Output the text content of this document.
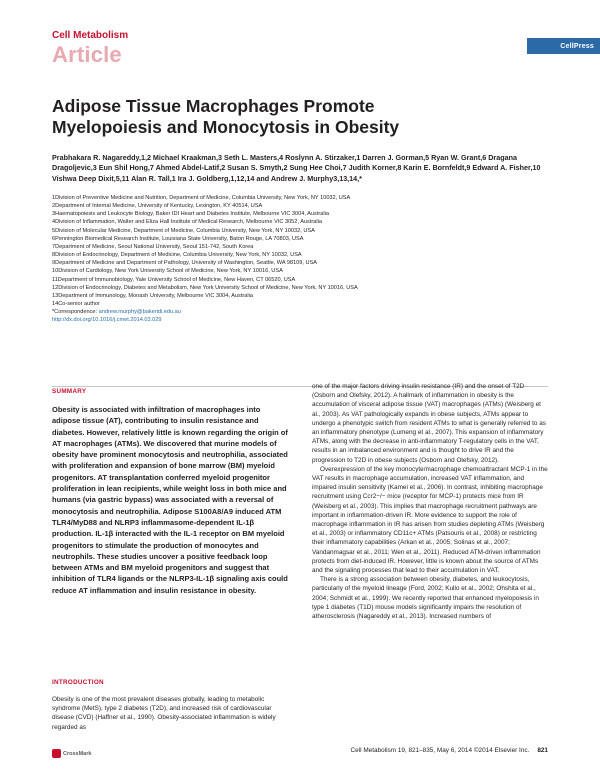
Cell Metabolism
Article	CellPress
Adipose Tissue Macrophages Promote Myelopoiesis and Monocytosis in Obesity
Prabhakara R. Nagareddy,1,2 Michael Kraakman,3 Seth L. Masters,4 Roslynn A. Stirzaker,1 Darren J. Gorman,5 Ryan W. Grant,6 Dragana Dragoljevic,3 Eun Shil Hong,7 Ahmed Abdel-Latif,2 Susan S. Smyth,2 Sung Hee Choi,7 Judith Korner,8 Karin E. Bornfeldt,9 Edward A. Fisher,10 Vishwa Deep Dixit,5,11 Alan R. Tall,1 Ira J. Goldberg,1,12,14 and Andrew J. Murphy3,13,14,*
1Division of Preventive Medicine and Nutrition, Department of Medicine, Columbia University, New York, NY 10032, USA
2Department of Internal Medicine, University of Kentucky, Lexington, KY 40514, USA
3Haematopoiesis and Leukocyte Biology, Baker IDI Heart and Diabetes Institute, Melbourne VIC 3004, Australia
4Division of Inflammation, Walter and Eliza Hall Institute of Medical Research, Melbourne VIC 3052, Australia
5Division of Molecular Medicine, Department of Medicine, Columbia University, New York, NY 10032, USA
6Pennington Biomedical Research Institute, Louisiana State University, Baton Rouge, LA 70803, USA
7Department of Medicine, Seoul National University, Seoul 151-742, South Korea
8Division of Endocrinology, Department of Medicine, Columbia University, New York, NY 10032, USA
9Department of Medicine and Department of Pathology, University of Washington, Seattle, WA 98109, USA
10Division of Cardiology, New York University School of Medicine, New York, NY 10016, USA
11Department of Immunobiology, Yale University School of Medicine, New Haven, CT 06520, USA
12Division of Endocrinology, Diabetes and Metabolism, New York University School of Medicine, New York, NY 10016, USA
13Department of Immunology, Monash University, Melbourne VIC 3004, Australia
14Co-senior author
*Correspondence: andrew.murphy@bakeridi.edu.au
http://dx.doi.org/10.1016/j.cmet.2014.03.029
SUMMARY

Obesity is associated with infiltration of macrophages into adipose tissue (AT), contributing to insulin resistance and diabetes. However, relatively little is known regarding the origin of AT macrophages (ATMs). We discovered that murine models of obesity have prominent monocytosis and neutrophilia, associated with proliferation and expansion of bone marrow (BM) myeloid progenitors. AT transplantation conferred myeloid progenitor proliferation in lean recipients, while weight loss in both mice and humans (via gastric bypass) was associated with a reversal of monocytosis and neutrophilia. Adipose S100A8/A9 induced ATM TLR4/MyD88 and NLRP3 inflammasome-dependent IL-1β production. IL-1β interacted with the IL-1 receptor on BM myeloid progenitors to stimulate the production of monocytes and neutrophils. These studies uncover a positive feedback loop between ATMs and BM myeloid progenitors and suggest that inhibition of TLR4 ligands or the NLRP3-IL-1β signaling axis could reduce AT inflammation and insulin resistance in obesity.

INTRODUCTION

Obesity is one of the most prevalent diseases globally, leading to metabolic syndrome (MetS), type 2 diabetes (T2D), and increased risk of cardiovascular disease (CVD) (Haffner et al., 1990). Obesity-associated inflammation is widely regarded as

one of the major factors driving insulin resistance (IR) and the onset of T2D (Osborn and Olefsky, 2012). A hallmark of inflammation in obesity is the accumulation of visceral adipose tissue (VAT) macrophages (ATMs) (Weisberg et al., 2003). As VAT pathologically expands in obese subjects, ATMs appear to undergo a phenotypic switch from resident ATMs to what is generally referred to as an inflammatory phenotype (Lumeng et al., 2007). This expansion of inflammatory ATMs, along with the decrease in anti-inflammatory T-regulatory cells in the VAT, results in an imbalanced environment and is thought to drive IR and the progression to T2D in obese subjects (Osborn and Olefsky, 2012).

Overexpression of the key monocyte/macrophage chemoattractant MCP-1 in the VAT results in macrophage accumulation, increased VAT inflammation, and impaired insulin sensitivity (Kamei et al., 2006). In contrast, inhibiting macrophage recruitment using Ccr2−/− mice (receptor for MCP-1) protects mice from IR (Weisberg et al., 2003). This implies that macrophage recruitment pathways are important in inflammation-driven IR. More evidence to support the role of macrophage inflammation in IR has arisen from studies depleting ATMs (Weisberg et al., 2003) or inflammatory CD11c+ ATMs (Patsouris et al., 2008) or restricting their inflammatory capabilities (Arkan et al., 2005; Solinas et al., 2007; Vandanmagsar et al., 2011; Wen et al., 2011). Reduced ATM-driven inflammation protects from diet-induced IR. However, little is known about the source of ATMs and the signaling processes that lead to their accumulation in VAT.

There is a strong association between obesity, diabetes, and leukocytosis, particularly of the myeloid lineage (Ford, 2002; Kullo et al., 2002; Ohshita et al., 2004; Schmidt et al., 1999). We recently reported that enhanced myelopoiesis in type 1 diabetes (T1D) mouse models significantly impairs the resolution of atherosclerosis (Nagareddy et al., 2013). Increased numbers of

CrossMark	Cell Metabolism 19, 821–835, May 6, 2014 ©2014 Elsevier Inc. 821
